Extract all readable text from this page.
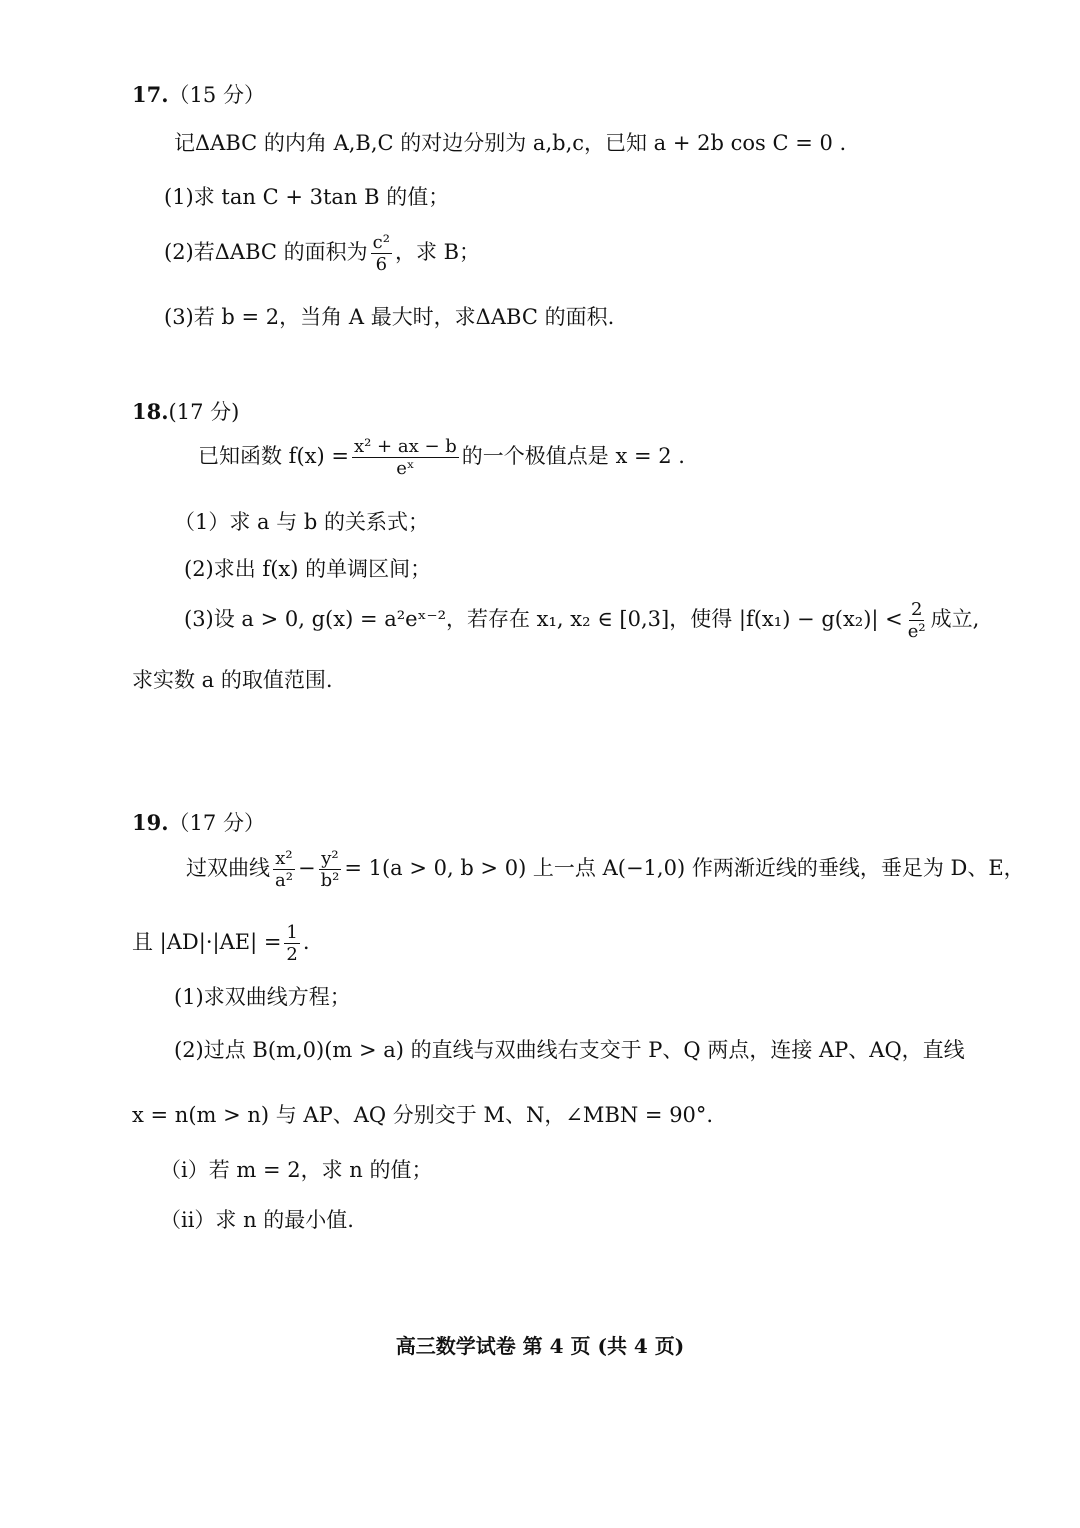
17.（15 分）
记ΔABC 的内角 A,B,C 的对边分别为 a,b,c，已知 a + 2b cos C = 0 .
(1)求 tan C + 3tan B 的值；
(2)若ΔABC 的面积为 $\frac{\text{c²}}{6}$ ，求 B；
(3)若 b = 2，当角 A 最大时，求ΔABC 的面积.
18.(17 分)
已知函数 $f(x) = \frac{\text{x² + ax − b}}{\text{eˣ}}$ 的一个极值点是 x = 2 .
（1）求 a 与 b 的关系式；
(2)求出 f(x) 的单调区间；
(3)设 a > 0, g(x) = a²eˣ⁻²，若存在 x₁, x₂ ∈ [0,3]，使得 $|f(x_1) - g(x_2)| < \frac{2}{\text{e²}}$ 成立,
求实数 a 的取值范围.
19.（17 分）
过双曲线 $\frac{\text{x²}}{\text{a²}} - \frac{\text{y²}}{\text{b²}} = 1(a > 0$, b > 0) 上一点 A(−1,0) 作两渐近线的垂线，垂足为 D、E，
且 $|AD|\cdot|AE| = \frac{1}{2}$ .
(1)求双曲线方程；
(2)过点 B(m,0)(m > a) 的直线与双曲线右支交于 P、Q 两点，连接 AP、AQ，直线
x = n(m > n) 与 AP、AQ 分别交于 M、N，∠MBN = 90°.
（i）若 m = 2，求 n 的值；
（ii）求 n 的最小值.
高三数学试卷 第 4 页 (共 4 页)
